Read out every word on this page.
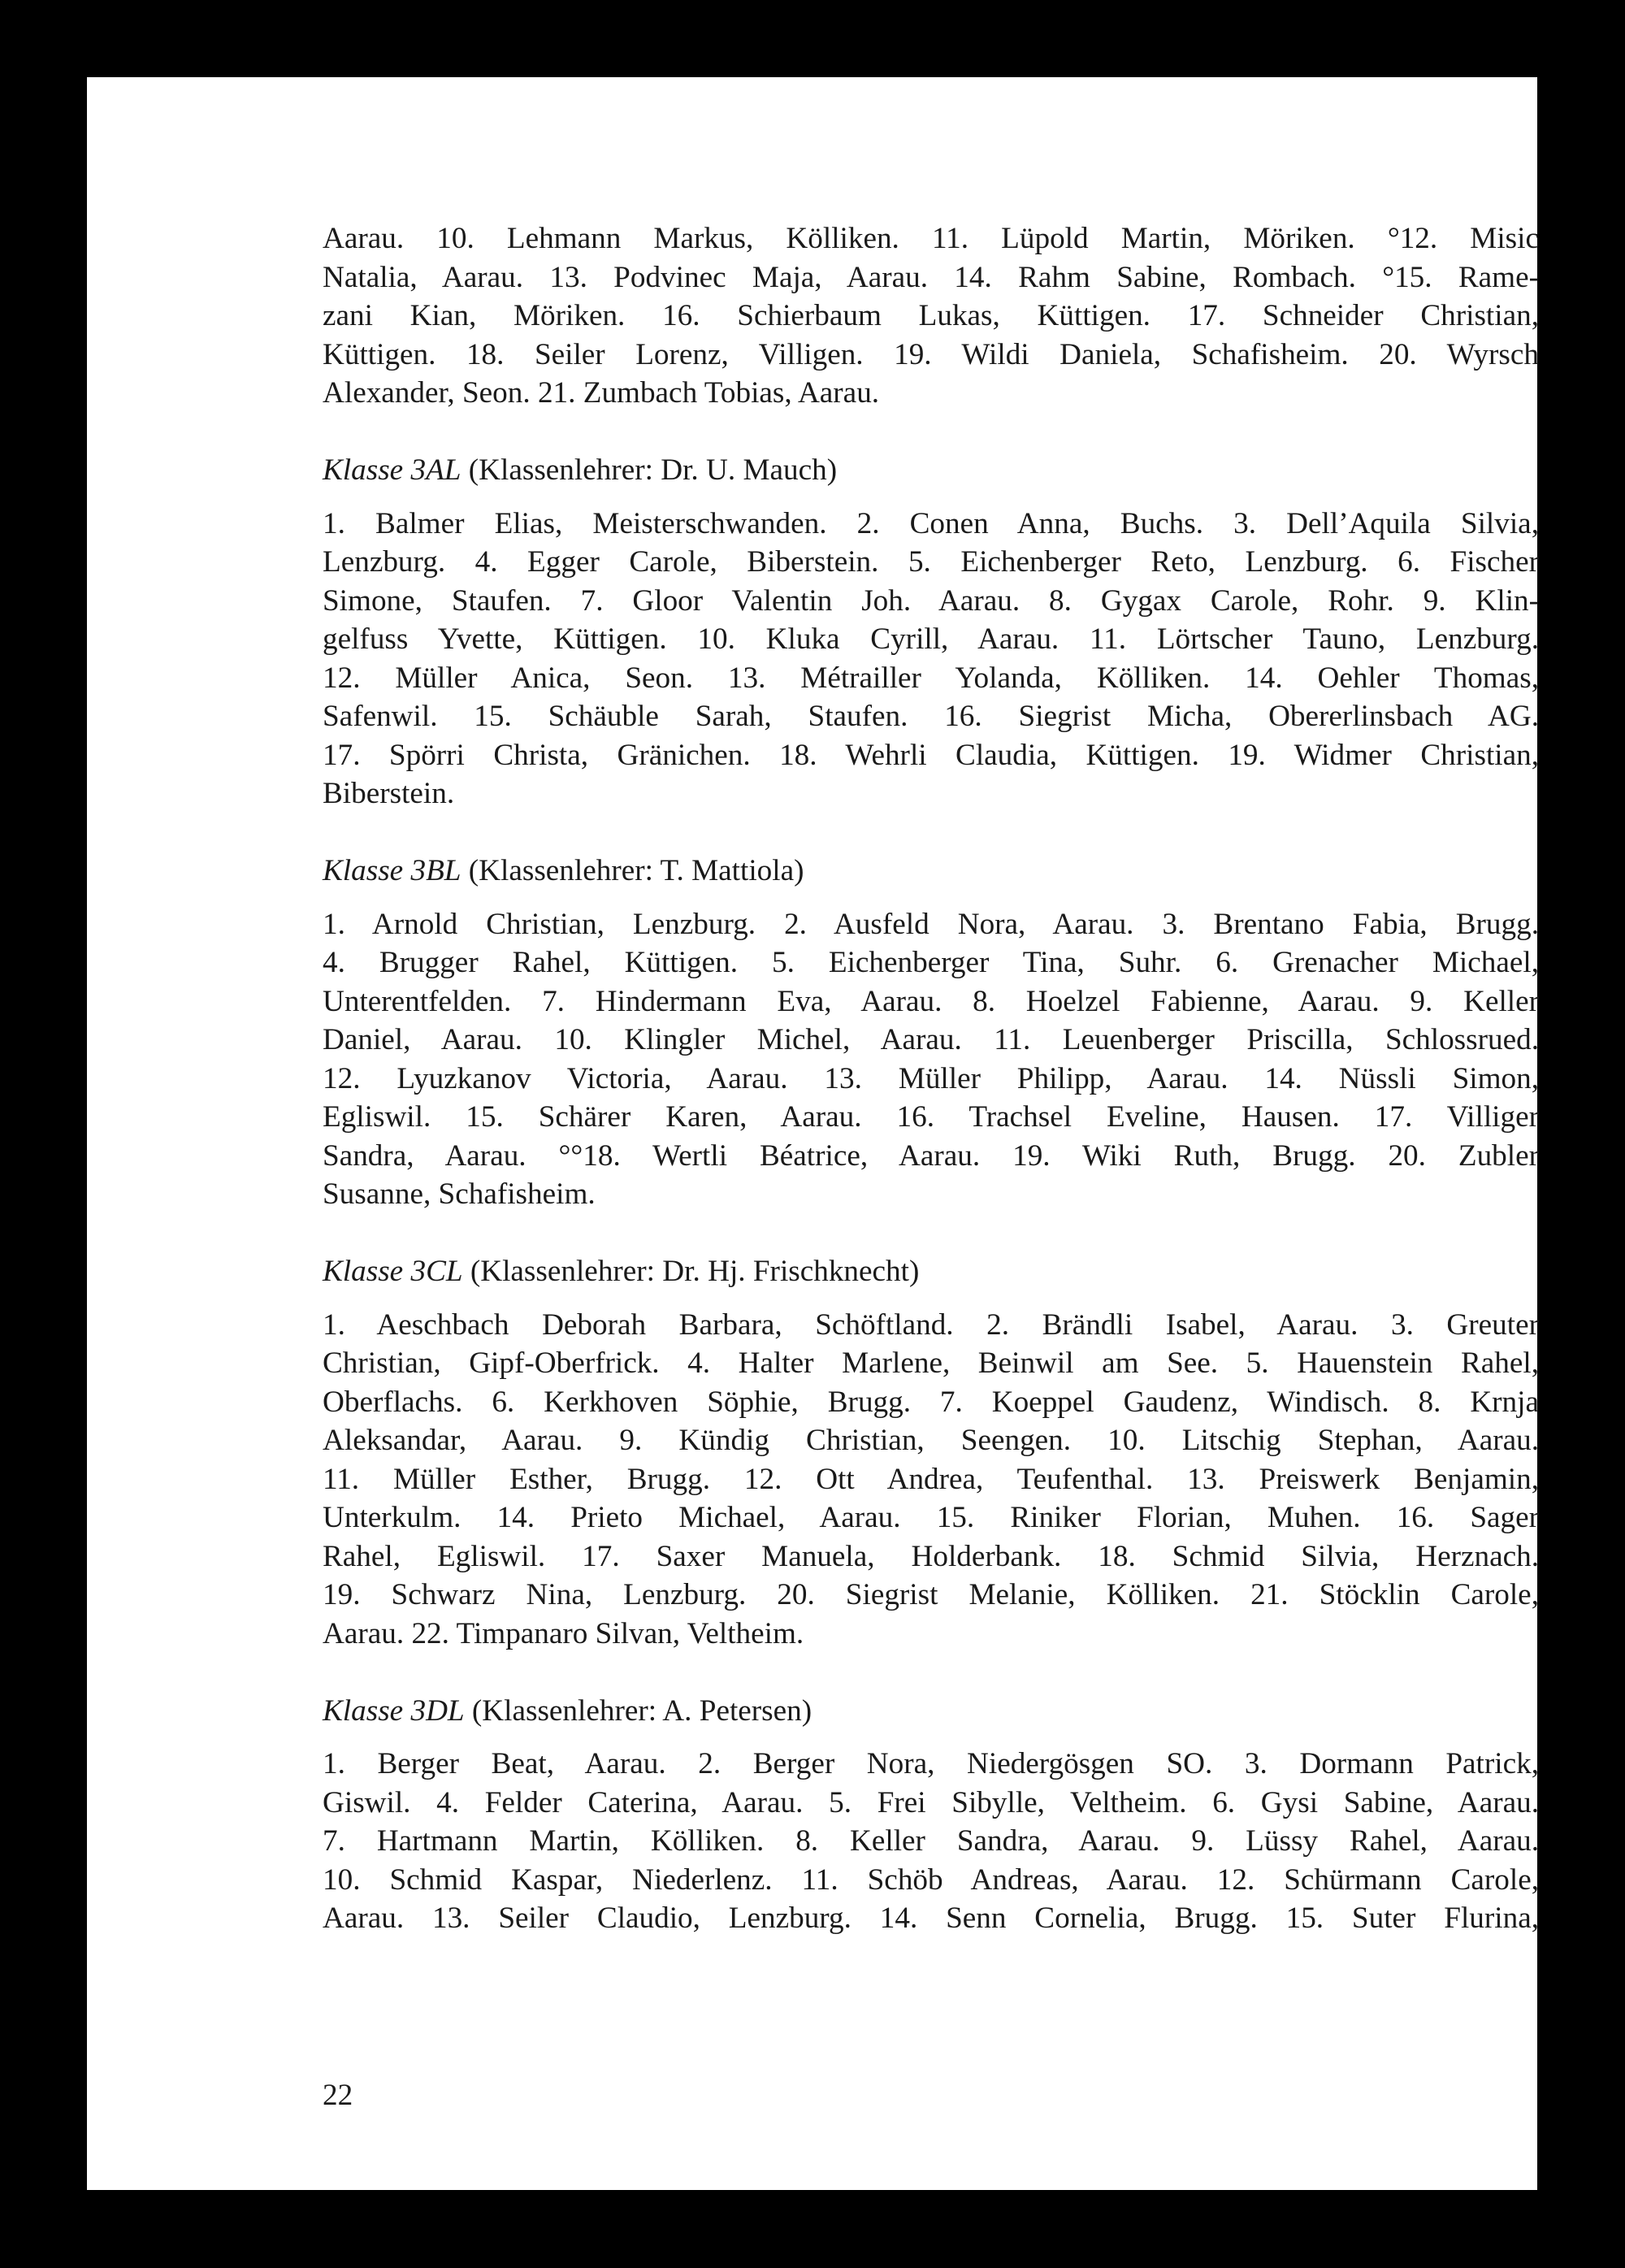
Aarau. 10. Lehmann Markus, Kölliken. 11. Lüpold Martin, Möriken. °12. Misic
Natalia, Aarau. 13. Podvinec Maja, Aarau. 14. Rahm Sabine, Rombach. °15. Rame-
zani Kian, Möriken. 16. Schierbaum Lukas, Küttigen. 17. Schneider Christian,
Küttigen. 18. Seiler Lorenz, Villigen. 19. Wildi Daniela, Schafisheim. 20. Wyrsch
Alexander, Seon. 21. Zumbach Tobias, Aarau.

Klasse 3AL (Klassenlehrer: Dr. U. Mauch)

1. Balmer Elias, Meisterschwanden. 2. Conen Anna, Buchs. 3. Dell’Aquila Silvia,
Lenzburg. 4. Egger Carole, Biberstein. 5. Eichenberger Reto, Lenzburg. 6. Fischer
Simone, Staufen. 7. Gloor Valentin Joh. Aarau. 8. Gygax Carole, Rohr. 9. Klin-
gelfuss Yvette, Küttigen. 10. Kluka Cyrill, Aarau. 11. Lörtscher Tauno, Lenzburg.
12. Müller Anica, Seon. 13. Métrailler Yolanda, Kölliken. 14. Oehler Thomas,
Safenwil. 15. Schäuble Sarah, Staufen. 16. Siegrist Micha, Obererlinsbach AG.
17. Spörri Christa, Gränichen. 18. Wehrli Claudia, Küttigen. 19. Widmer Christian,
Biberstein.

Klasse 3BL (Klassenlehrer: T. Mattiola)

1. Arnold Christian, Lenzburg. 2. Ausfeld Nora, Aarau. 3. Brentano Fabia, Brugg.
4. Brugger Rahel, Küttigen. 5. Eichenberger Tina, Suhr. 6. Grenacher Michael,
Unterentfelden. 7. Hindermann Eva, Aarau. 8. Hoelzel Fabienne, Aarau. 9. Keller
Daniel, Aarau. 10. Klingler Michel, Aarau. 11. Leuenberger Priscilla, Schlossrued.
12. Lyuzkanov Victoria, Aarau. 13. Müller Philipp, Aarau. 14. Nüssli Simon,
Egliswil. 15. Schärer Karen, Aarau. 16. Trachsel Eveline, Hausen. 17. Villiger
Sandra, Aarau. °°18. Wertli Béatrice, Aarau. 19. Wiki Ruth, Brugg. 20. Zubler
Susanne, Schafisheim.

Klasse 3CL (Klassenlehrer: Dr. Hj. Frischknecht)

1. Aeschbach Deborah Barbara, Schöftland. 2. Brändli Isabel, Aarau. 3. Greuter
Christian, Gipf-Oberfrick. 4. Halter Marlene, Beinwil am See. 5. Hauenstein Rahel,
Oberflachs. 6. Kerkhoven Söphie, Brugg. 7. Koeppel Gaudenz, Windisch. 8. Krnja
Aleksandar, Aarau. 9. Kündig Christian, Seengen. 10. Litschig Stephan, Aarau.
11. Müller Esther, Brugg. 12. Ott Andrea, Teufenthal. 13. Preiswerk Benjamin,
Unterkulm. 14. Prieto Michael, Aarau. 15. Riniker Florian, Muhen. 16. Sager
Rahel, Egliswil. 17. Saxer Manuela, Holderbank. 18. Schmid Silvia, Herznach.
19. Schwarz Nina, Lenzburg. 20. Siegrist Melanie, Kölliken. 21. Stöcklin Carole,
Aarau. 22. Timpanaro Silvan, Veltheim.

Klasse 3DL (Klassenlehrer: A. Petersen)

1. Berger Beat, Aarau. 2. Berger Nora, Niedergösgen SO. 3. Dormann Patrick,
Giswil. 4. Felder Caterina, Aarau. 5. Frei Sibylle, Veltheim. 6. Gysi Sabine, Aarau.
7. Hartmann Martin, Kölliken. 8. Keller Sandra, Aarau. 9. Lüssy Rahel, Aarau.
10. Schmid Kaspar, Niederlenz. 11. Schöb Andreas, Aarau. 12. Schürmann Carole,
Aarau. 13. Seiler Claudio, Lenzburg. 14. Senn Cornelia, Brugg. 15. Suter Flurina,

22
